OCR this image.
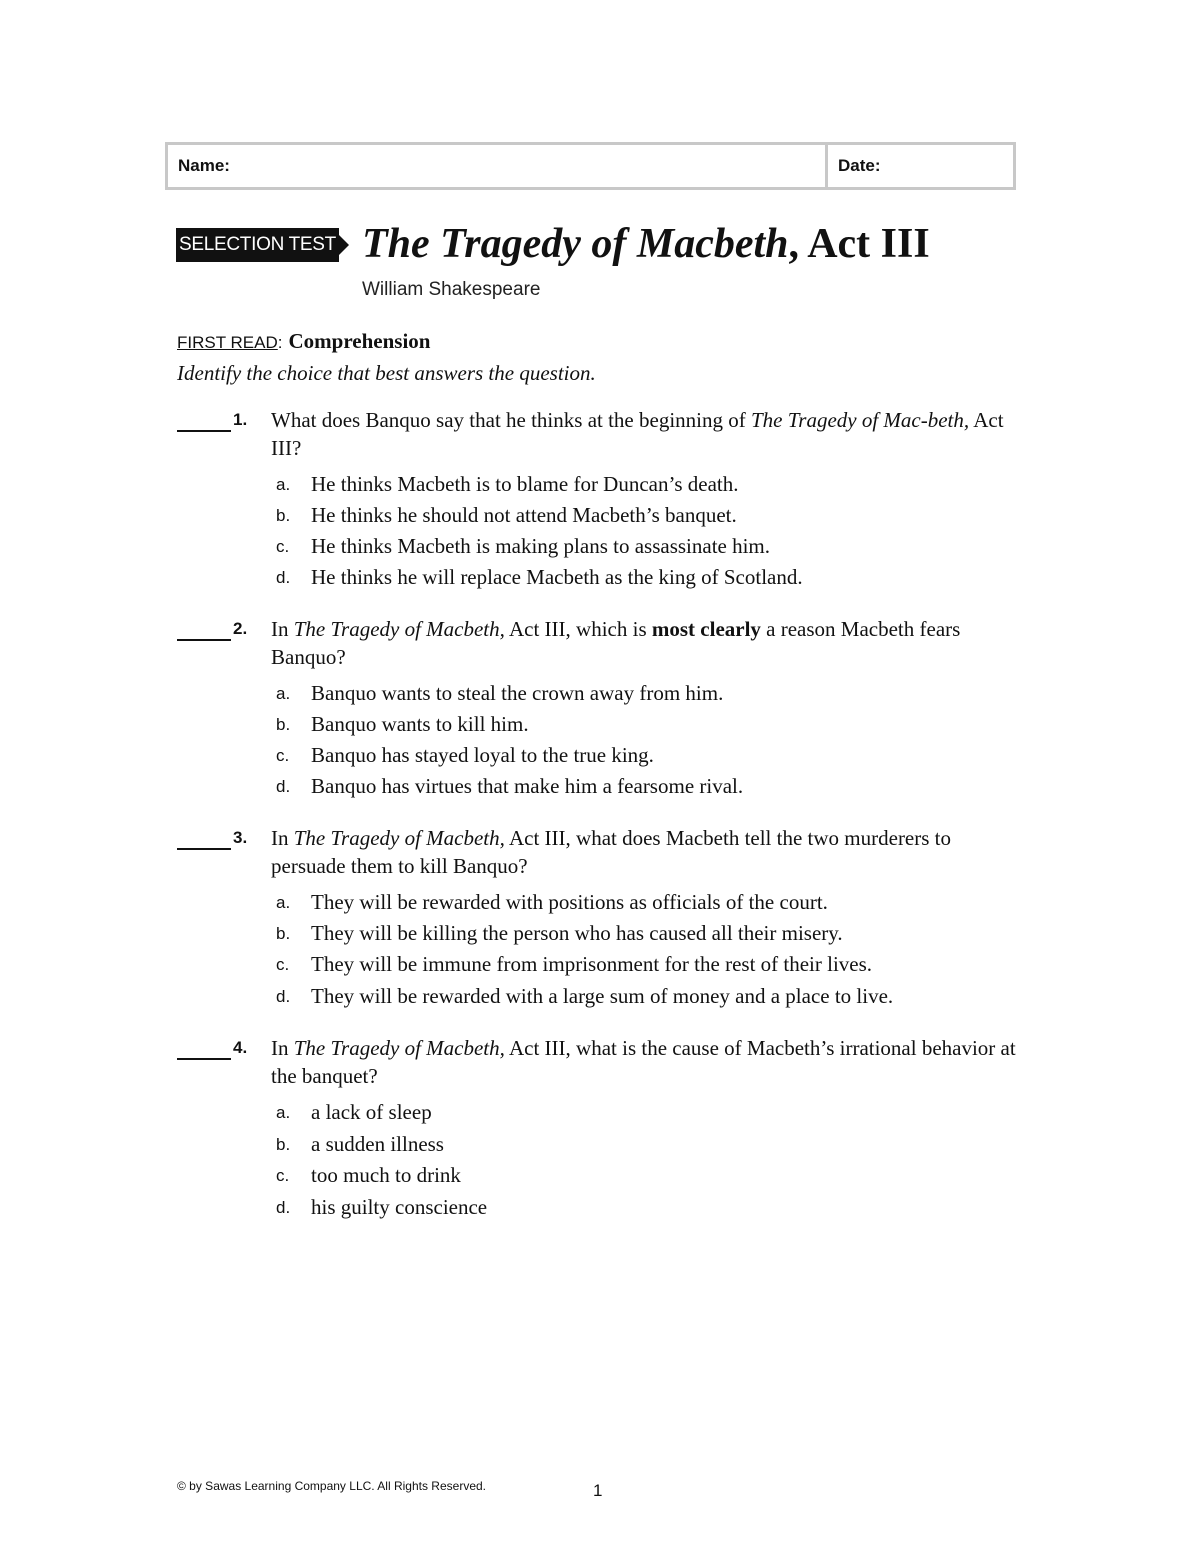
Name:	Date:
SELECTION TEST The Tragedy of Macbeth, Act III
William Shakespeare
FIRST READ: Comprehension
Identify the choice that best answers the question.
1. What does Banquo say that he thinks at the beginning of The Tragedy of Mac-beth, Act III?
a. He thinks Macbeth is to blame for Duncan’s death.
b. He thinks he should not attend Macbeth’s banquet.
c. He thinks Macbeth is making plans to assassinate him.
d. He thinks he will replace Macbeth as the king of Scotland.
2. In The Tragedy of Macbeth, Act III, which is most clearly a reason Macbeth fears Banquo?
a. Banquo wants to steal the crown away from him.
b. Banquo wants to kill him.
c. Banquo has stayed loyal to the true king.
d. Banquo has virtues that make him a fearsome rival.
3. In The Tragedy of Macbeth, Act III, what does Macbeth tell the two murderers to persuade them to kill Banquo?
a. They will be rewarded with positions as officials of the court.
b. They will be killing the person who has caused all their misery.
c. They will be immune from imprisonment for the rest of their lives.
d. They will be rewarded with a large sum of money and a place to live.
4. In The Tragedy of Macbeth, Act III, what is the cause of Macbeth’s irrational behavior at the banquet?
a. a lack of sleep
b. a sudden illness
c. too much to drink
d. his guilty conscience
© by Sawas Learning Company LLC. All Rights Reserved.	1
